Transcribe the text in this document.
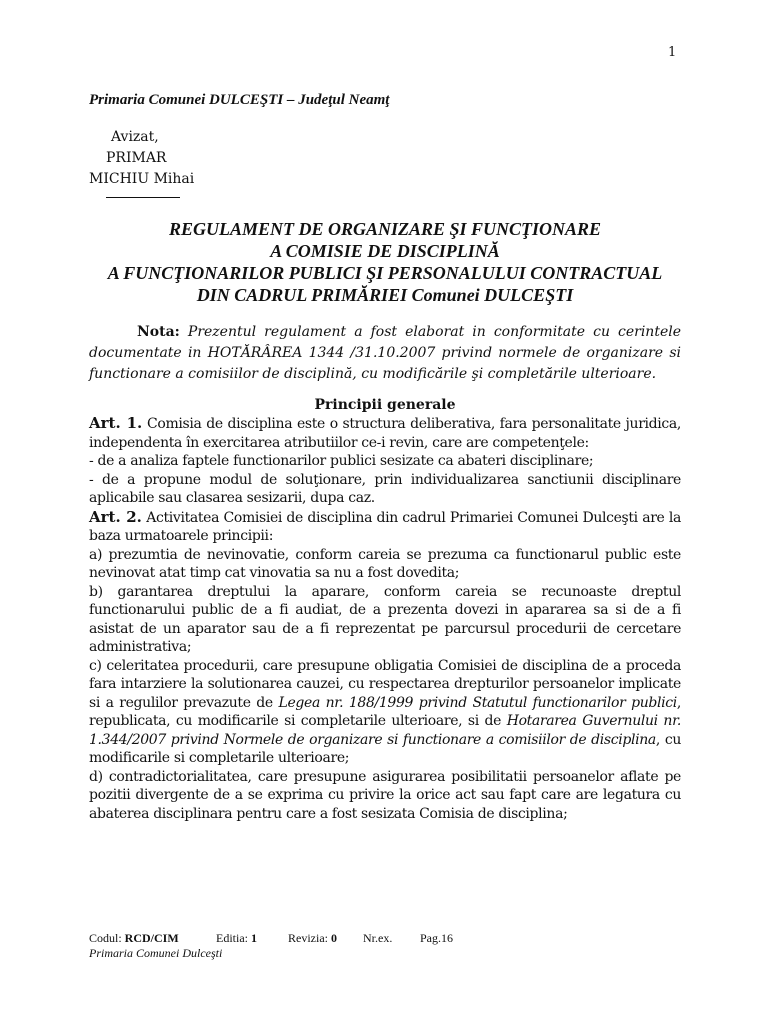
1
Primaria Comunei DULCEŞTI – Judeţul Neamţ
Avizat,
PRIMAR
MICHIU Mihai
REGULAMENT DE ORGANIZARE ŞI FUNCŢIONARE
A COMISIE DE DISCIPLINĂ
A FUNCŢIONARILOR PUBLICI ŞI PERSONALULUI CONTRACTUAL
DIN CADRUL PRIMĂRIEI Comunei DULCEŞTI
Nota: Prezentul regulament a fost elaborat in conformitate cu cerintele documentate in HOTĂRÂREA 1344 /31.10.2007 privind normele de organizare si functionare a comisiilor de disciplină, cu modificările şi completările ulterioare.
Principii generale

Art. 1. Comisia de disciplina este o structura deliberativa, fara personalitate juridica, independenta în exercitarea atributiilor ce-i revin, care are competenţele:

- de a analiza faptele functionarilor publici sesizate ca abateri disciplinare;

- de a propune modul de soluţionare, prin individualizarea sanctiunii disciplinare aplicabile sau clasarea sesizarii, dupa caz.

Art. 2. Activitatea Comisiei de disciplina din cadrul Primariei Comunei Dulceşti are la baza urmatoarele principii:

a) prezumtia de nevinovatie, conform careia se prezuma ca functionarul public este nevinovat atat timp cat vinovatia sa nu a fost dovedita;

b) garantarea dreptului la aparare, conform careia se recunoaste dreptul functionarului public de a fi audiat, de a prezenta dovezi in apararea sa si de a fi asistat de un aparator sau de a fi reprezentat pe parcursul procedurii de cercetare administrativa;

c) celeritatea procedurii, care presupune obligatia Comisiei de disciplina de a proceda fara intarziere la solutionarea cauzei, cu respectarea drepturilor persoanelor implicate si a regulilor prevazute de Legea nr. 188/1999 privind Statutul functionarilor publici, republicata, cu modificarile si completarile ulterioare, si de Hotararea Guvernului nr. 1.344/2007 privind Normele de organizare si functionare a comisiilor de disciplina, cu modificarile si completarile ulterioare;

d) contradictorialitatea, care presupune asigurarea posibilitatii persoanelor aflate pe pozitii divergente de a se exprima cu privire la orice act sau fapt care are legatura cu abaterea disciplinara pentru care a fost sesizata Comisia de disciplina;

Codul: RCD/CIM	Editia: 1	Revizia: 0 Nr.ex. Pag.16
Primaria Comunei Dulceşti
